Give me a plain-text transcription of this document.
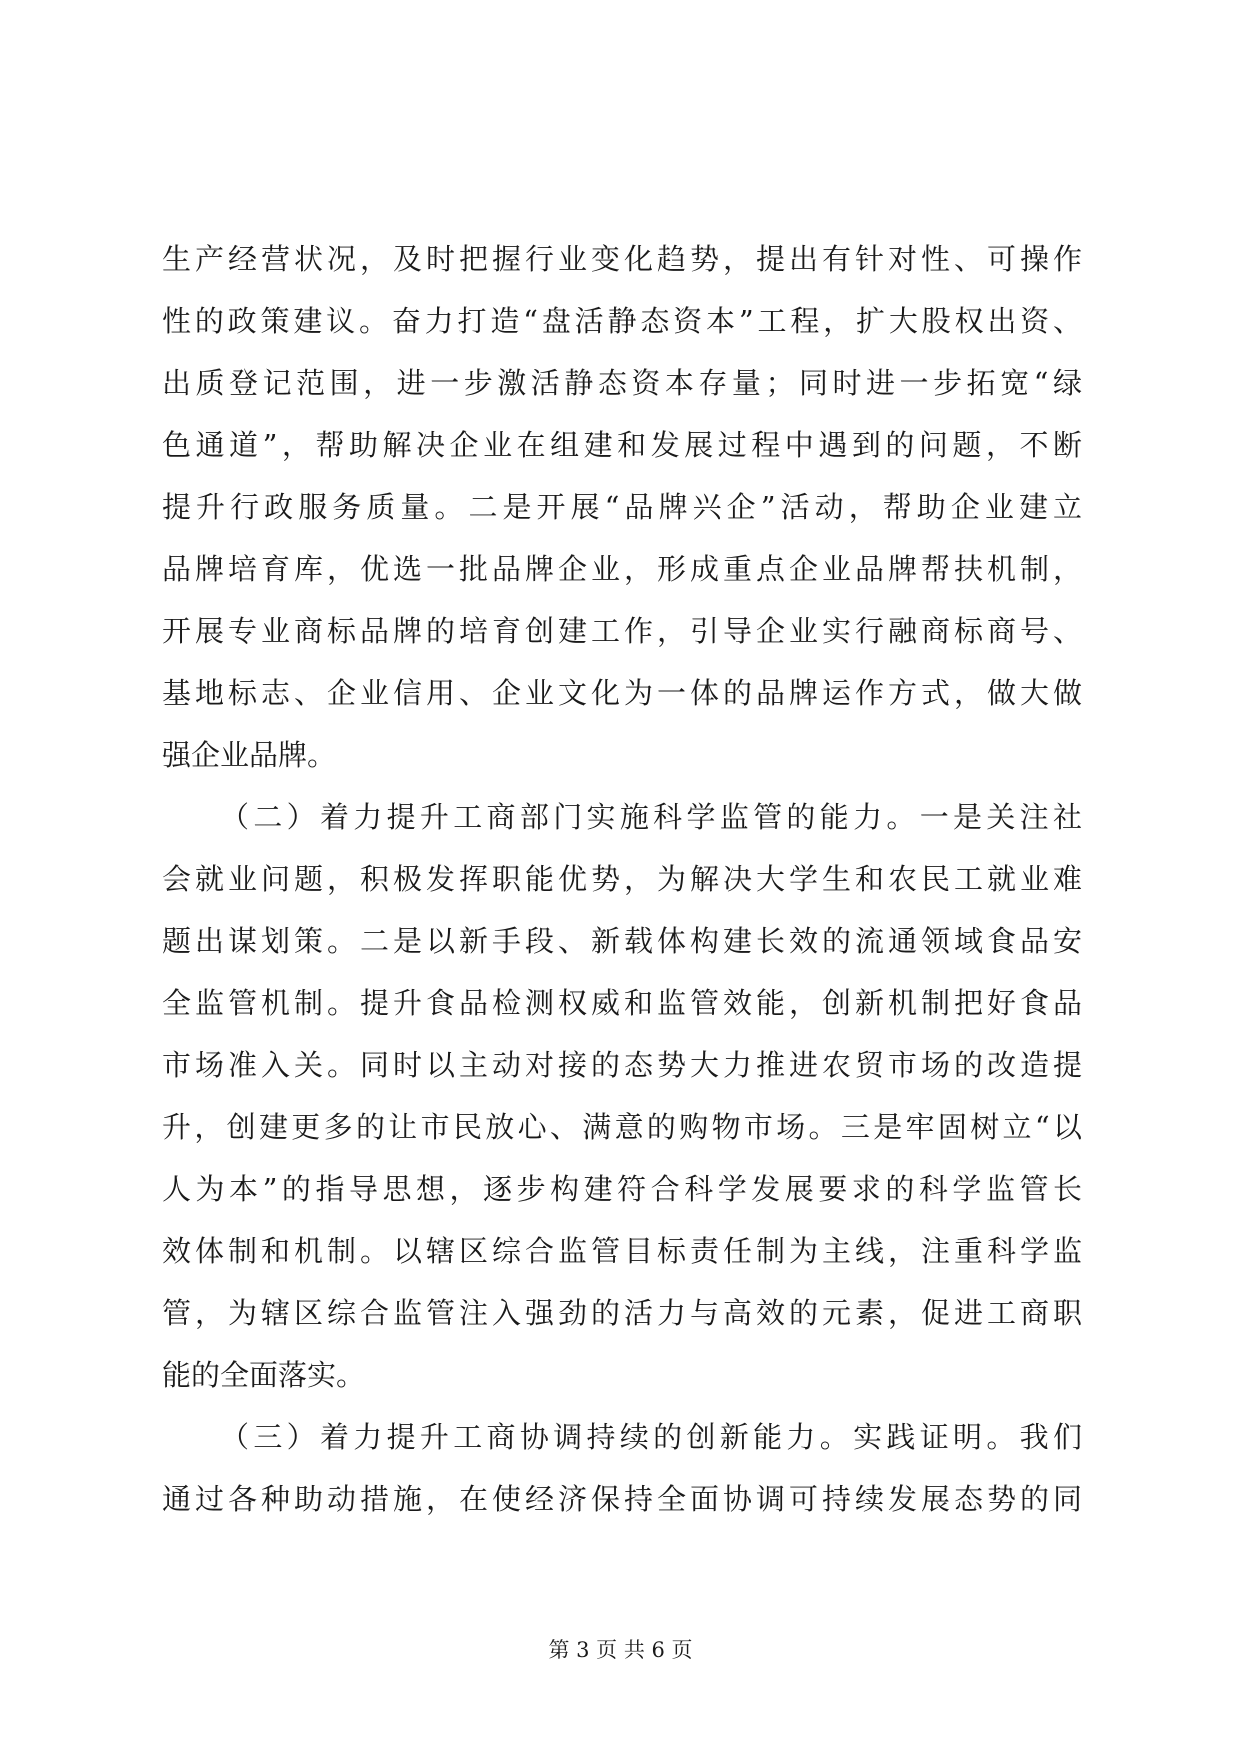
生产经营状况，及时把握行业变化趋势，提出有针对性、可操作
性的政策建议。奋力打造“盘活静态资本”工程，扩大股权出资、
出质登记范围，进一步激活静态资本存量；同时进一步拓宽“绿
色通道”，帮助解决企业在组建和发展过程中遇到的问题，不断
提升行政服务质量。二是开展“品牌兴企”活动，帮助企业建立
品牌培育库，优选一批品牌企业，形成重点企业品牌帮扶机制，
开展专业商标品牌的培育创建工作，引导企业实行融商标商号、
基地标志、企业信用、企业文化为一体的品牌运作方式，做大做
强企业品牌。
（二）着力提升工商部门实施科学监管的能力。一是关注社
会就业问题，积极发挥职能优势，为解决大学生和农民工就业难
题出谋划策。二是以新手段、新载体构建长效的流通领域食品安
全监管机制。提升食品检测权威和监管效能，创新机制把好食品
市场准入关。同时以主动对接的态势大力推进农贸市场的改造提
升，创建更多的让市民放心、满意的购物市场。三是牢固树立“以
人为本”的指导思想，逐步构建符合科学发展要求的科学监管长
效体制和机制。以辖区综合监管目标责任制为主线，注重科学监
管，为辖区综合监管注入强劲的活力与高效的元素，促进工商职
能的全面落实。
（三）着力提升工商协调持续的创新能力。实践证明。我们
通过各种助动措施，在使经济保持全面协调可持续发展态势的同
第 3 页 共 6 页
